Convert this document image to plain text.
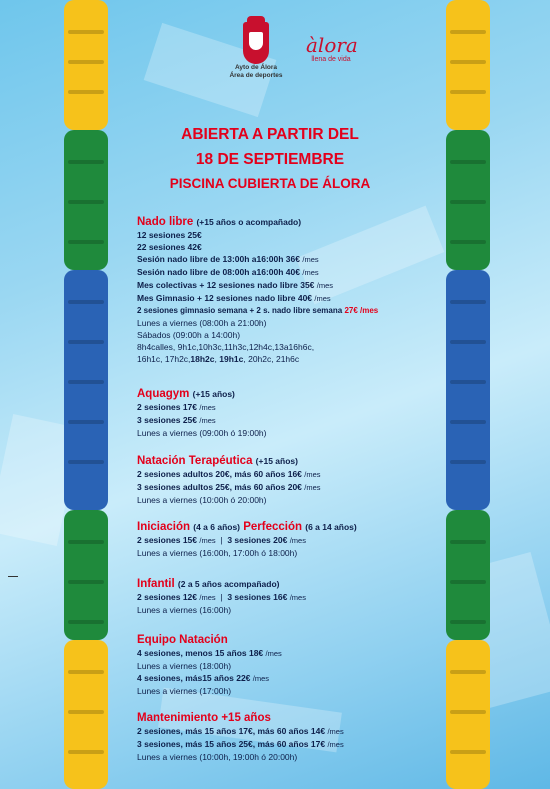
Ayto de Álora
Área de deportes
àlora
llena de vida
ABIERTA A PARTIR DEL
18 DE SEPTIEMBRE
PISCINA CUBIERTA DE ÁLORA
Nado libre (+15 años o acompañado)
12 sesiones 25€
22 sesiones 42€
Sesión nado libre de 13:00h a16:00h 36€ /mes
Sesión nado libre de 08:00h a16:00h 40€ /mes
Mes colectivas + 12 sesiones nado libre 35€ /mes
Mes Gimnasio + 12 sesiones nado libre 40€ /mes
2 sesiones gimnasio semana + 2 s. nado libre semana 27€ /mes
Lunes a viernes (08:00h a 21:00h)
Sábados (09:00h a 14:00h)
8h4calles, 9h1c,10h3c,11h3c,12h4c,13a16h6c,
16h1c, 17h2c,18h2c, 19h1c, 20h2c, 21h6c
Aquagym (+15 años)
2 sesiones 17€ /mes
3 sesiones 25€ /mes
Lunes a viernes (09:00h ó 19:00h)
Natación Terapéutica (+15 años)
2 sesiones adultos 20€, más 60 años 16€ /mes
3 sesiones adultos 25€, más 60 años 20€ /mes
Lunes a viernes (10:00h ó 20:00h)
Iniciación (4 a 6 años) Perfección (6 a 14 años)
2 sesiones 15€ /mes  |  3 sesiones 20€ /mes
Lunes a viernes (16:00h, 17:00h ó 18:00h)
Infantil (2 a 5 años acompañado)
2 sesiones 12€ /mes  |  3 sesiones 16€ /mes
Lunes a viernes (16:00h)
Equipo Natación
4 sesiones, menos 15 años 18€ /mes
Lunes a viernes (18:00h)
4 sesiones, más15 años 22€ /mes
Lunes a viernes (17:00h)
Mantenimiento +15 años
2 sesiones, más 15 años 17€, más 60 años 14€ /mes
3 sesiones, más 15 años 25€, más 60 años 17€ /mes
Lunes a viernes (10:00h, 19:00h ó 20:00h)
